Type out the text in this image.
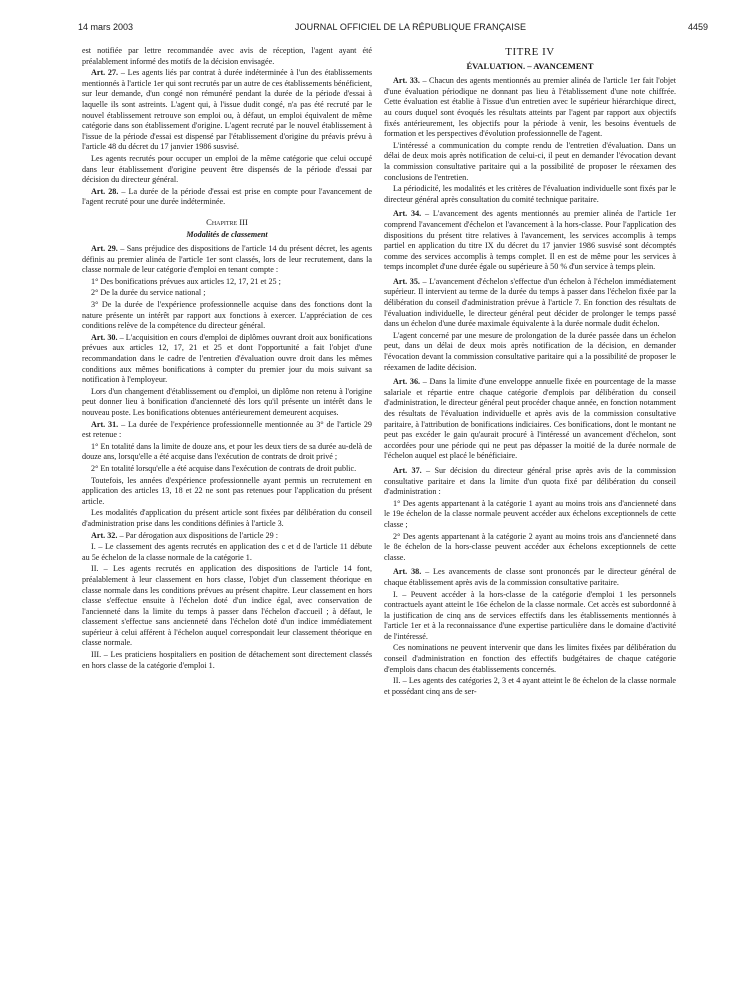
14 mars 2003	JOURNAL OFFICIEL DE LA RÉPUBLIQUE FRANÇAISE	4459

est notifiée par lettre recommandée avec avis de réception, l'agent ayant été préalablement informé des motifs de la décision envisagée.

Art. 27. – Les agents liés par contrat à durée indéterminée à l'un des établissements mentionnés à l'article 1er qui sont recrutés par un autre de ces établissements bénéficient, sur leur demande, d'un congé non rémunéré pendant la durée de la période d'essai à laquelle ils sont astreints. L'agent qui, à l'issue dudit congé, n'a pas été recruté par le nouvel établissement retrouve son emploi ou, à défaut, un emploi équivalent de même catégorie dans son établissement d'origine. L'agent recruté par le nouvel établissement à l'issue de la période d'essai est dispensé par l'établissement d'origine du préavis prévu à l'article 48 du décret du 17 janvier 1986 susvisé.

Les agents recrutés pour occuper un emploi de la même catégorie que celui occupé dans leur établissement d'origine peuvent être dispensés de la période d'essai par décision du directeur général.

Art. 28. – La durée de la période d'essai est prise en compte pour l'avancement de l'agent recruté pour une durée indéterminée.

Chapitre III

Modalités de classement

Art. 29. – Sans préjudice des dispositions de l'article 14 du présent décret, les agents définis au premier alinéa de l'article 1er sont classés, lors de leur recrutement, dans la classe normale de leur catégorie d'emploi en tenant compte :

1° Des bonifications prévues aux articles 12, 17, 21 et 25 ;

2° De la durée du service national ;

3° De la durée de l'expérience professionnelle acquise dans des fonctions dont la nature présente un intérêt par rapport aux fonctions à exercer. L'appréciation de ces conditions relève de la compétence du directeur général.

Art. 30. – L'acquisition en cours d'emploi de diplômes ouvrant droit aux bonifications prévues aux articles 12, 17, 21 et 25 et dont l'opportunité a fait l'objet d'une recommandation dans le cadre de l'entretien d'évaluation ouvre droit dans les mêmes conditions aux mêmes bonifications à compter du premier jour du mois suivant sa notification à l'employeur.

Lors d'un changement d'établissement ou d'emploi, un diplôme non retenu à l'origine peut donner lieu à bonification d'ancienneté dès lors qu'il présente un intérêt dans le nouveau poste. Les bonifications obtenues antérieurement demeurent acquises.

Art. 31. – La durée de l'expérience professionnelle mentionnée au 3° de l'article 29 est retenue :

1° En totalité dans la limite de douze ans, et pour les deux tiers de sa durée au-delà de douze ans, lorsqu'elle a été acquise dans l'exécution de contrats de droit privé ;

2° En totalité lorsqu'elle a été acquise dans l'exécution de contrats de droit public.

Toutefois, les années d'expérience professionnelle ayant permis un recrutement en application des articles 13, 18 et 22 ne sont pas retenues pour l'application du présent article.

Les modalités d'application du présent article sont fixées par délibération du conseil d'administration prise dans les conditions définies à l'article 3.

Art. 32. – Par dérogation aux dispositions de l'article 29 :

I. – Le classement des agents recrutés en application des c et d de l'article 11 débute au 5e échelon de la classe normale de la catégorie 1.

II. – Les agents recrutés en application des dispositions de l'article 14 font, préalablement à leur classement en hors classe, l'objet d'un classement théorique en classe normale dans les conditions prévues au présent chapitre. Leur classement en hors classe s'effectue ensuite à l'échelon doté d'un indice égal, avec conservation de l'ancienneté dans la limite du temps à passer dans l'échelon d'accueil ; à défaut, le classement s'effectue sans ancienneté dans l'échelon doté d'un indice immédiatement supérieur à celui afférent à l'échelon auquel correspondait leur classement théorique en classe normale.

III. – Les praticiens hospitaliers en position de détachement sont directement classés en hors classe de la catégorie d'emploi 1.

TITRE IV

ÉVALUATION. – AVANCEMENT

Art. 33. – Chacun des agents mentionnés au premier alinéa de l'article 1er fait l'objet d'une évaluation périodique ne donnant pas lieu à l'établissement d'une note chiffrée. Cette évaluation est établie à l'issue d'un entretien avec le supérieur hiérarchique direct, au cours duquel sont évoqués les résultats atteints par l'agent par rapport aux objectifs fixés antérieurement, les objectifs pour la période à venir, les besoins éventuels de formation et les perspectives d'évolution professionnelle de l'agent.

L'intéressé a communication du compte rendu de l'entretien d'évaluation. Dans un délai de deux mois après notification de celui-ci, il peut en demander l'évocation devant la commission consultative paritaire qui a la possibilité de proposer le réexamen des conclusions de l'entretien.

La périodicité, les modalités et les critères de l'évaluation individuelle sont fixés par le directeur général après consultation du comité technique paritaire.

Art. 34. – L'avancement des agents mentionnés au premier alinéa de l'article 1er comprend l'avancement d'échelon et l'avancement à la hors-classe. Pour l'application des dispositions du présent titre relatives à l'avancement, les services accomplis à temps partiel en application du titre IX du décret du 17 janvier 1986 susvisé sont décomptés comme des services accomplis à temps complet. Il en est de même pour les services à temps incomplet d'une durée égale ou supérieure à 50 % d'un service à temps plein.

Art. 35. – L'avancement d'échelon s'effectue d'un échelon à l'échelon immédiatement supérieur. Il intervient au terme de la durée du temps à passer dans l'échelon fixée par la délibération du conseil d'administration prévue à l'article 7. En fonction des résultats de l'évaluation individuelle, le directeur général peut décider de prolonger le temps passé dans un échelon d'une durée maximale équivalente à la durée normale dudit échelon.

L'agent concerné par une mesure de prolongation de la durée passée dans un échelon peut, dans un délai de deux mois après notification de la décision, en demander l'évocation devant la commission consultative paritaire qui a la possibilité de proposer le réexamen de ladite décision.

Art. 36. – Dans la limite d'une enveloppe annuelle fixée en pourcentage de la masse salariale et répartie entre chaque catégorie d'emplois par délibération du conseil d'administration, le directeur général peut procéder chaque année, en fonction notamment des résultats de l'évaluation individuelle et après avis de la commission consultative paritaire, à l'attribution de bonifications indiciaires. Ces bonifications, dont le montant ne peut pas excéder le gain qu'aurait procuré à l'intéressé un avancement d'échelon, sont accordées pour une période qui ne peut pas dépasser la moitié de la durée normale de l'échelon auquel est placé le bénéficiaire.

Art. 37. – Sur décision du directeur général prise après avis de la commission consultative paritaire et dans la limite d'un quota fixé par délibération du conseil d'administration :

1° Des agents appartenant à la catégorie 1 ayant au moins trois ans d'ancienneté dans le 19e échelon de la classe normale peuvent accéder aux échelons exceptionnels de cette classe ;

2° Des agents appartenant à la catégorie 2 ayant au moins trois ans d'ancienneté dans le 8e échelon de la hors-classe peuvent accéder aux échelons exceptionnels de cette classe.

Art. 38. – Les avancements de classe sont prononcés par le directeur général de chaque établissement après avis de la commission consultative paritaire.

I. – Peuvent accéder à la hors-classe de la catégorie d'emploi 1 les personnels contractuels ayant atteint le 16e échelon de la classe normale. Cet accès est subordonné à la justification de cinq ans de services effectifs dans les établissements mentionnés à l'article 1er et à la reconnaissance d'une expertise particulière dans le domaine d'activité de l'intéressé.

Ces nominations ne peuvent intervenir que dans les limites fixées par délibération du conseil d'administration en fonction des effectifs budgétaires de chaque catégorie d'emplois dans chacun des établissements concernés.

II. – Les agents des catégories 2, 3 et 4 ayant atteint le 8e échelon de la classe normale et possédant cinq ans de ser-
